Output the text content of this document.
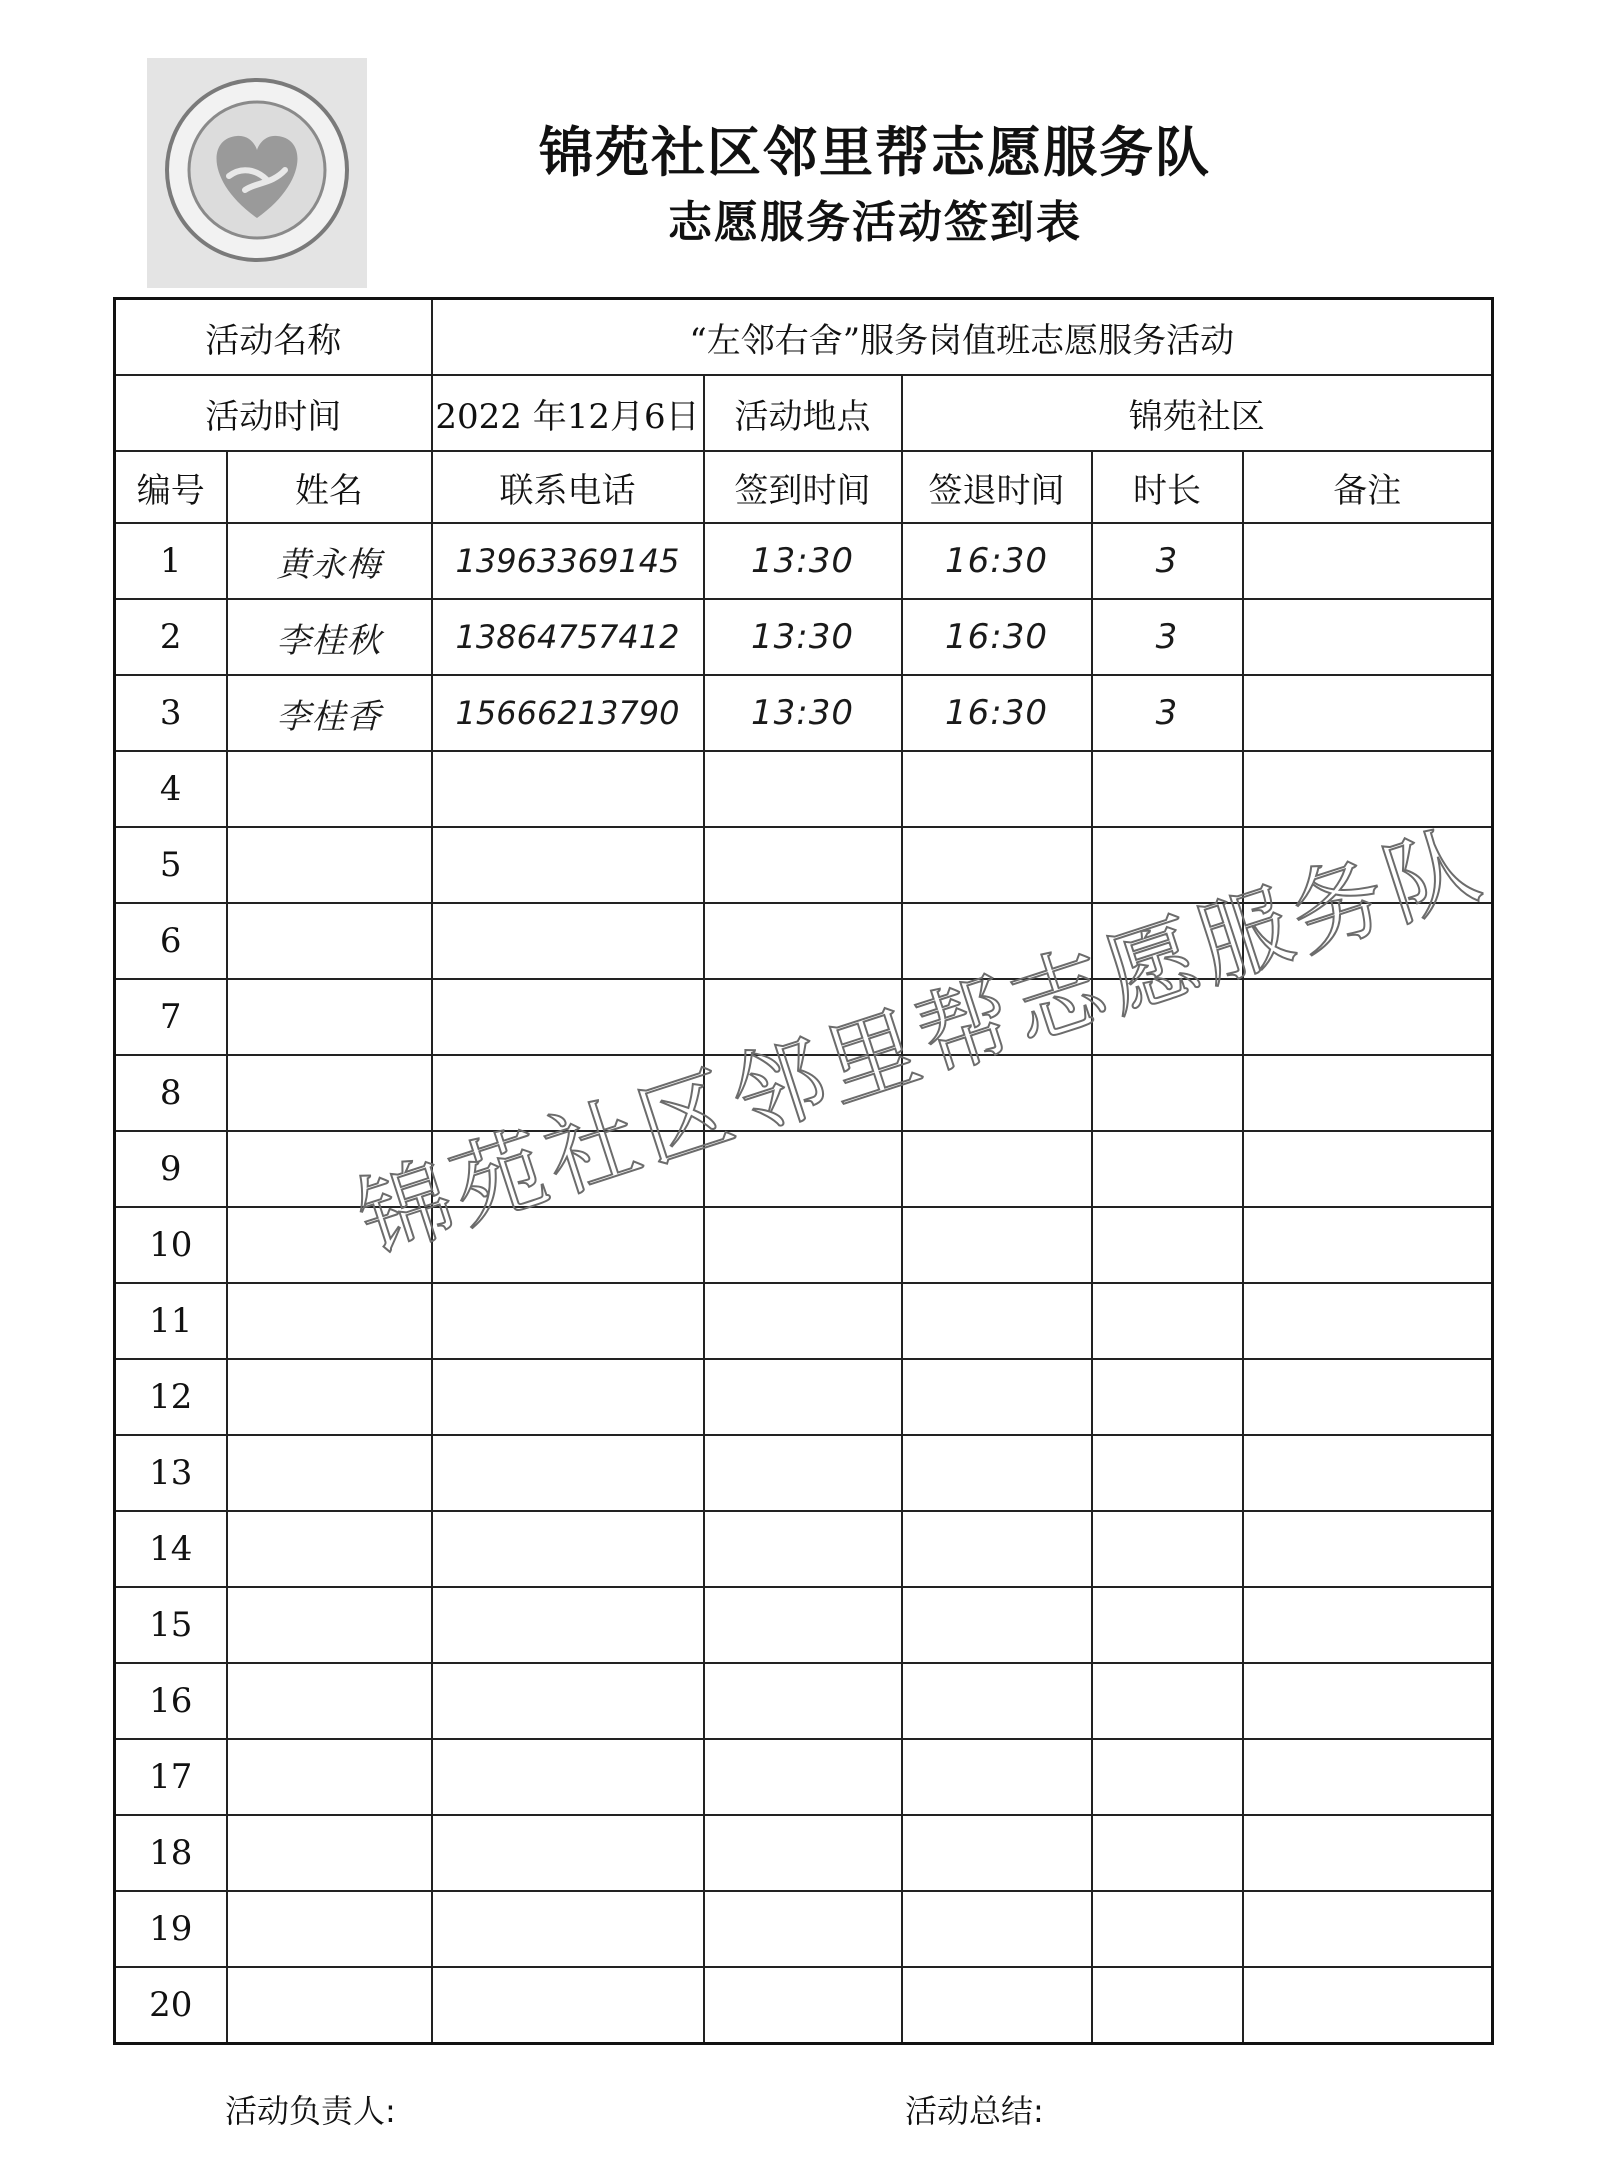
锦苑社区邻里帮志愿服务队
志愿服务活动签到表
活动名称		“左邻右舍”服务岗值班志愿服务活动				
活动时间		2022 年12月6日	活动地点	锦苑社区		
编号	姓名	联系电话	签到时间	签退时间	时长	备注
1	黄永梅	13963369145	13:30	16:30	3	
2	李桂秋	13864757412	13:30	16:30	3	
3	李桂香	15666213790	13:30	16:30	3	
4						
5						
6						
7						
8						
9						
10						
11						
12						
13						
14						
15						
16						
17						
18						
19						
20						
锦苑社区邻里帮志愿服务队
活动负责人:	活动总结:
